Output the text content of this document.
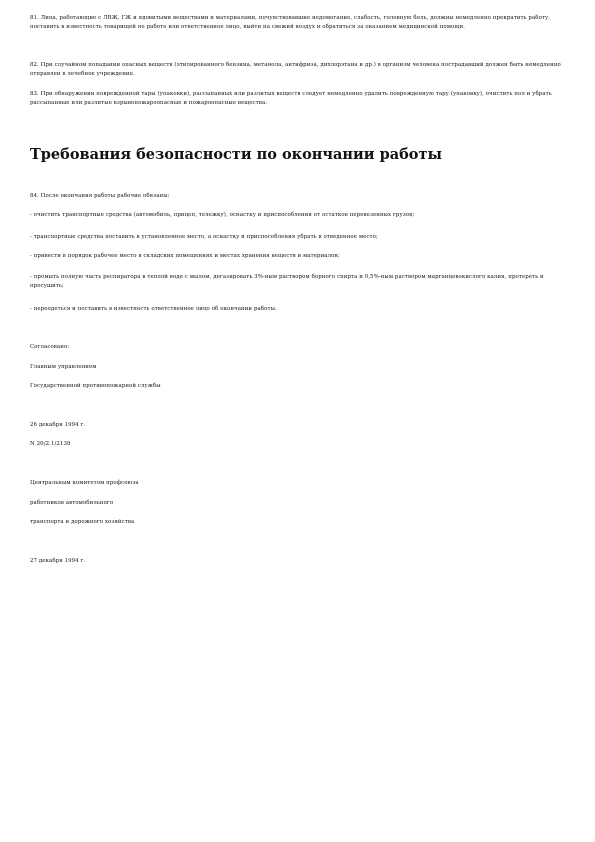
81. Лица, работающие с ЛВЖ, ГЖ и ядовитыми веществами и материалами, почувствовавшие недомогание, слабость, головную боль, должны немедленно прекратить работу, поставить в известность товарищей по работе или ответственное лицо, выйти на свежий воздух и обратиться за оказанием медицинской помощи.

82. При случайном попадании опасных веществ (этилированного бензина, метанола, антифриза, дихлорэтана и др.) в организм человека пострадавший должен быть немедленно отправлен в лечебное учреждение.

83. При обнаружении поврежденной тары (упаковки), рассыпанных или разлитых веществ следует немедленно удалить поврежденную тару (упаковку), очистить пол и убрать рассыпанные или разлитые взрывопожароопасные и пожароопасные вещества.

Требования безопасности по окончании работы

84. После окончания работы рабочие обязаны:

- очистить транспортные средства (автомобиль, прицеп, тележку), оснастку и приспособления от остатков перевезенных грузов;

- транспортные средства поставить в установленное место, а оснастку и приспособления убрать в отведенное место;

- привести в порядок рабочее место в складских помещениях и местах хранения веществ и материалов;

- промыть полную часть респиратора в теплой воде с мылом, дегазировать 3%-ным раствором борного спирта и 0,5%-ным раствором марганцевокислого калия, протереть и просушить;

- переодеться и поставить в известность ответственное лицо об окончании работы.

Согласовано:

Главным управлением

Государственной противопожарной службы

26 декабря 1994 г.

N 20/2.1/2138

Центральным комитетом профсоюза

работников автомобильного

транспорта и дорожного хозяйства

27 декабря 1994 г.
